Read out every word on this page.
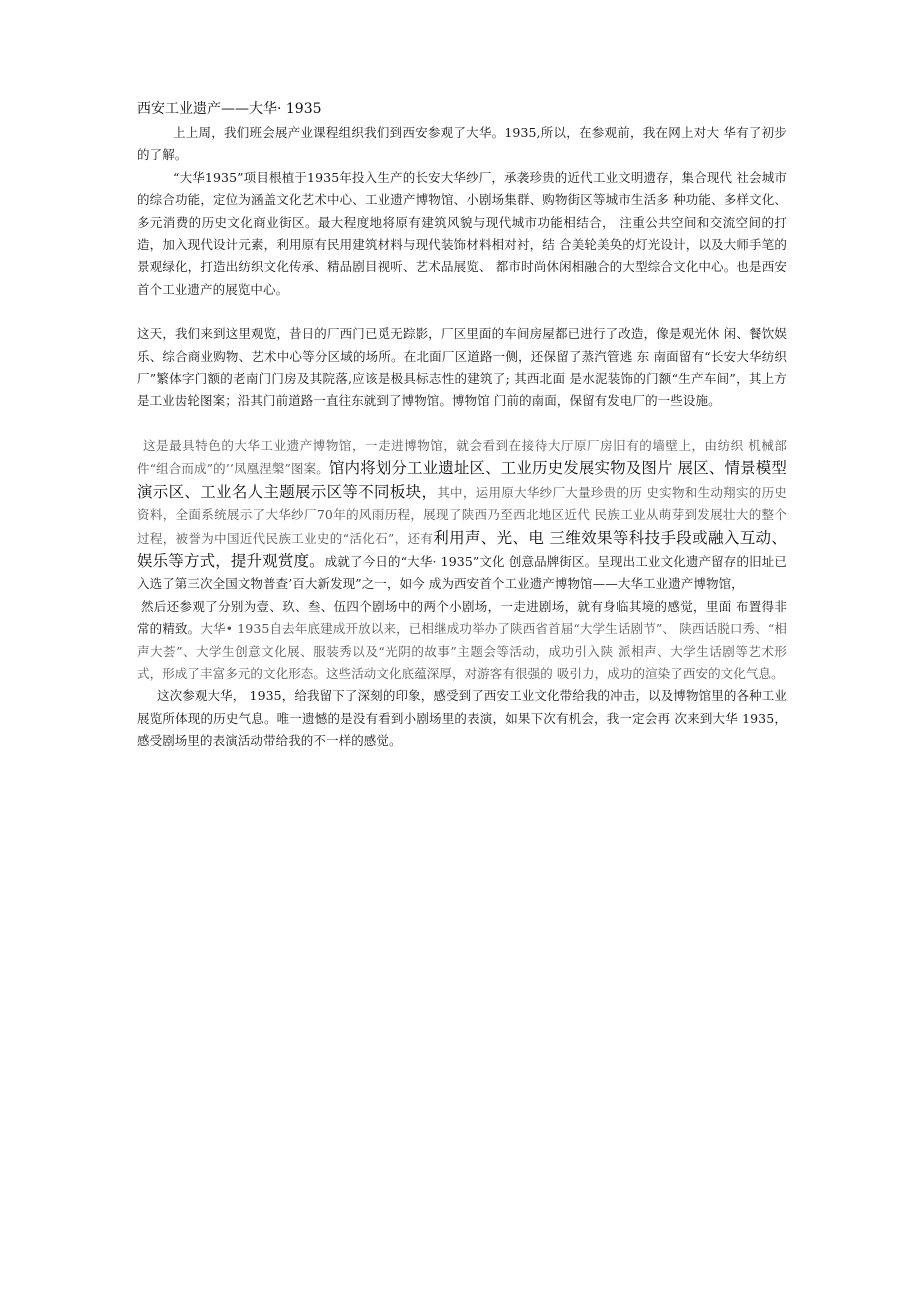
西安工业遗产——大华· 1935

上上周，我们班会展产业课程组织我们到西安参观了大华。1935,所以，在参观前，我在网上对大 华有了初步的了解。

“大华1935”项目根植于1935年投入生产的长安大华纱厂，承袭珍贵的近代工业文明遗存，集合现代 社会城市的综合功能，定位为涵盖文化艺术中心、工业遗产博物馆、小剧场集群、购物街区等城市生活多 种功能、多样文化、多元消费的历史文化商业街区。最大程度地将原有建筑风貌与现代城市功能相结合， 注重公共空间和交流空间的打造，加入现代设计元素，利用原有民用建筑材料与现代装饰材料相对衬，结 合美轮美奂的灯光设计，以及大师手笔的景观绿化，打造出纺织文化传承、精品剧目视听、艺术品展览、 都市时尚休闲相融合的大型综合文化中心。也是西安首个工业遗产的展览中心。

这天，我们来到这里观览，昔日的厂西门已觅无踪影，厂区里面的车间房屋都已进行了改造，像是观光休 闲、餐饮娱乐、综合商业购物、艺术中心等分区域的场所。在北面厂区道路一侧，还保留了蒸汽管逃 东 南面留有“长安大华纺织厂”繁体字门额的老南门门房及其院落,应该是极具标志性的建筑了; 其西北面 是水泥装饰的门额“生产车间”，其上方是工业齿轮图案；沿其门前道路一直往东就到了博物馆。博物馆 门前的南面，保留有发电厂的一些设施。

这是最具特色的大华工业遗产博物馆，一走进博物馆，就会看到在接待大厅原厂房旧有的墙壁上，由纺织 机械部件“组合而成”的’’凤凰涅槃”图案。馆内将划分工业遗址区、工业历史发展实物及图片 展区、情景模型演示区、工业名人主题展示区等不同板块，其中，运用原大华纱厂大量珍贵的历 史实物和生动翔实的历史资料，全面系统展示了大华纱厂70年的风雨历程，展现了陕西乃至西北地区近代 民族工业从萌芽到发展壮大的整个过程，被誉为中国近代民族工业史的“活化石”，还有利用声、光、电 三维效果等科技手段或融入互动、娱乐等方式，提升观赏度。成就了今日的“大华· 1935”文化 创意品牌街区。呈现出工业文化遗产留存的旧址已入选了第三次全国文物普查’百大新发现”之一，如今 成为西安首个工业遗产博物馆——大华工业遗产博物馆，

然后还参观了分别为壹、玖、叁、伍四个剧场中的两个小剧场，一走进剧场，就有身临其境的感觉，里面 布置得非常的精致。大华• 1935自去年底建成开放以来，已相继成功举办了陕西省首届“大学生话剧节”、 陕西话脱口秀、“相声大荟”、大学生创意文化展、服装秀以及“光阴的故事”主题会等活动，成功引入陕 派相声、大学生话剧等艺术形式，形成了丰富多元的文化形态。这些活动文化底蕴深厚，对游客有很强的 吸引力，成功的渲染了西安的文化气息。

这次参观大华， 1935，给我留下了深刻的印象，感受到了西安工业文化带给我的冲击，以及博物馆里的各种工业展览所体现的历史气息。唯一遗憾的是没有看到小剧场里的表演，如果下次有机会，我一定会再 次来到大华 1935，感受剧场里的表演活动带给我的不一样的感觉。
